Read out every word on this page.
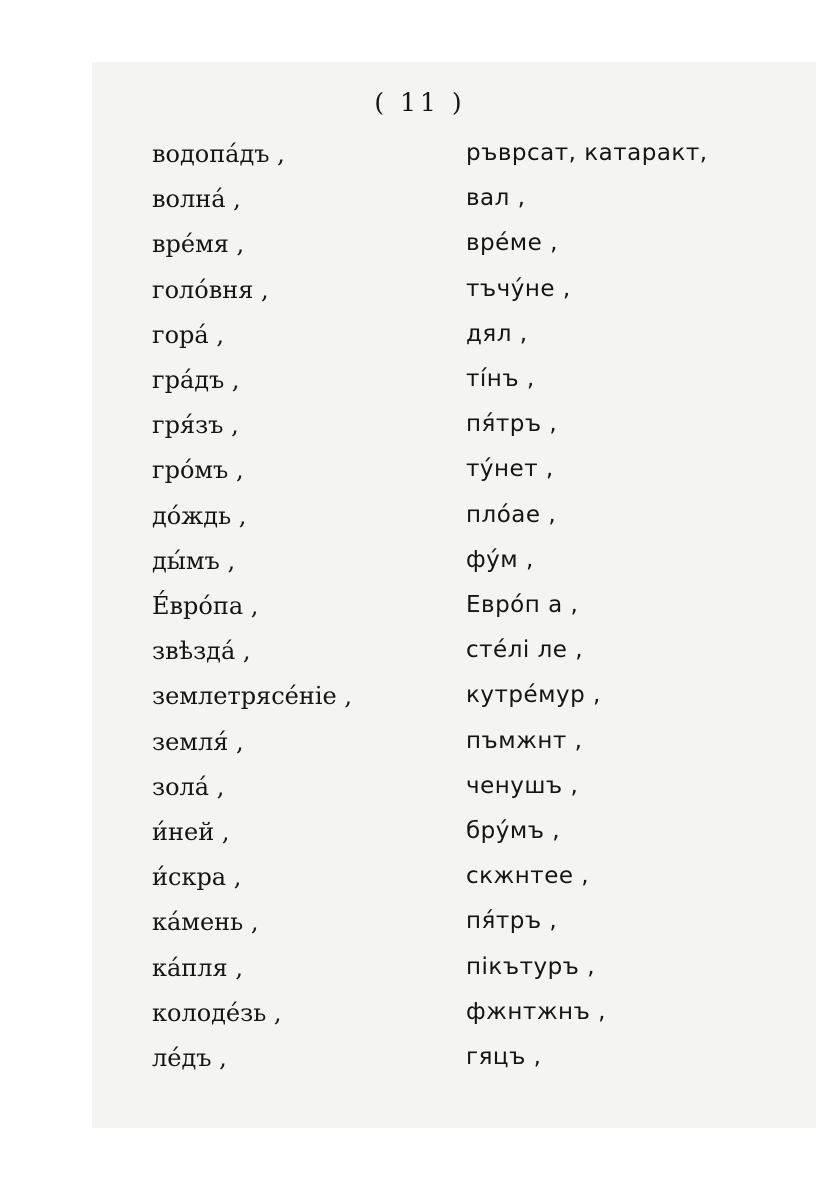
( 11 )
водопа́дъ ,	ръврсат, катаракт,
волна́ ,	вал ,
вре́мя ,	вре́ме ,
голо́вня ,	тъчу́не ,
гора́ ,	дял ,
гра́дъ ,	ті́нъ ,
гря́зъ ,	пя́тръ ,
гро́мъ ,	ту́нет ,
до́ждь ,	пло́ае ,
ды́мъ ,	фу́м ,
Е́вро́па ,	Евро́п а ,
звѣзда́ ,	сте́лі ле ,
землетрясе́ніе ,	кутре́мур ,
земля́ ,	пъмжнт ,
зола́ ,	ченушъ ,
и́ней ,	бру́мъ ,
и́скра ,	скжнтее ,
ка́мень ,	пя́тръ ,
ка́пля ,	пікътуръ ,
колоде́зь ,	фжнтжнъ ,
ле́дъ ,	гяцъ ,
